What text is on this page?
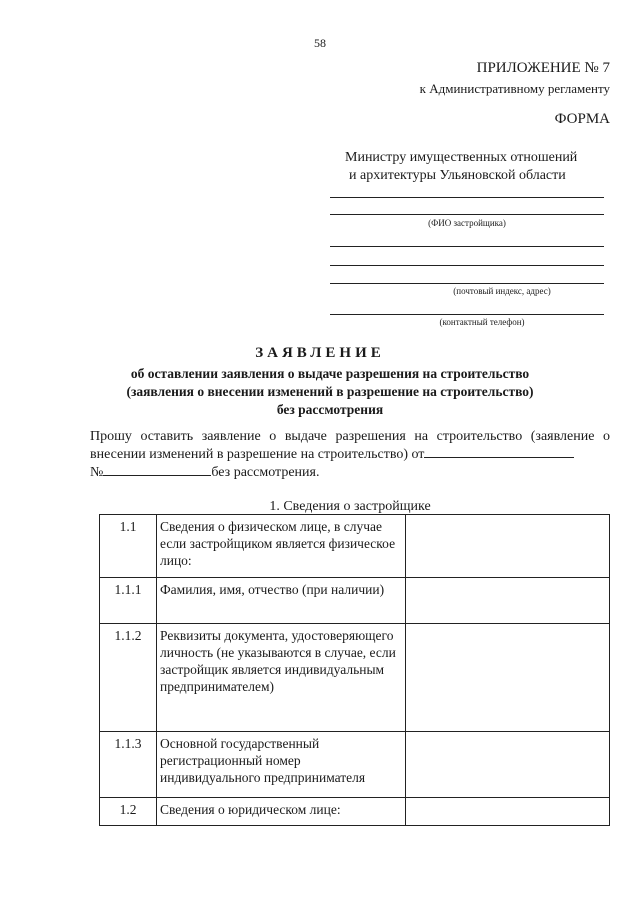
58
ПРИЛОЖЕНИЕ № 7
к Административному регламенту
ФОРМА
Министру имущественных отношений
и архитектуры Ульяновской области
(ФИО застройщика)
(почтовый индекс, адрес)
(контактный телефон)
ЗАЯВЛЕНИЕ
об оставлении заявления о выдаче разрешения на строительство
(заявления о внесении изменений в разрешение на строительство)
без рассмотрения
Прошу оставить заявление о выдаче разрешения на строительство (заявление о внесении изменений в разрешение на строительство) от
№	без рассмотрения.
1. Сведения о застройщике
1.1	Сведения о физическом лице, в случае если застройщиком является физическое лицо:	
1.1.1	Фамилия, имя, отчество (при наличии)	
1.1.2	Реквизиты документа, удостоверяющего личность (не указываются в случае, если застройщик является индивидуальным предпринимателем)	
1.1.3	Основной государственный регистрационный номер индивидуального предпринимателя	
1.2	Сведения о юридическом лице:	
